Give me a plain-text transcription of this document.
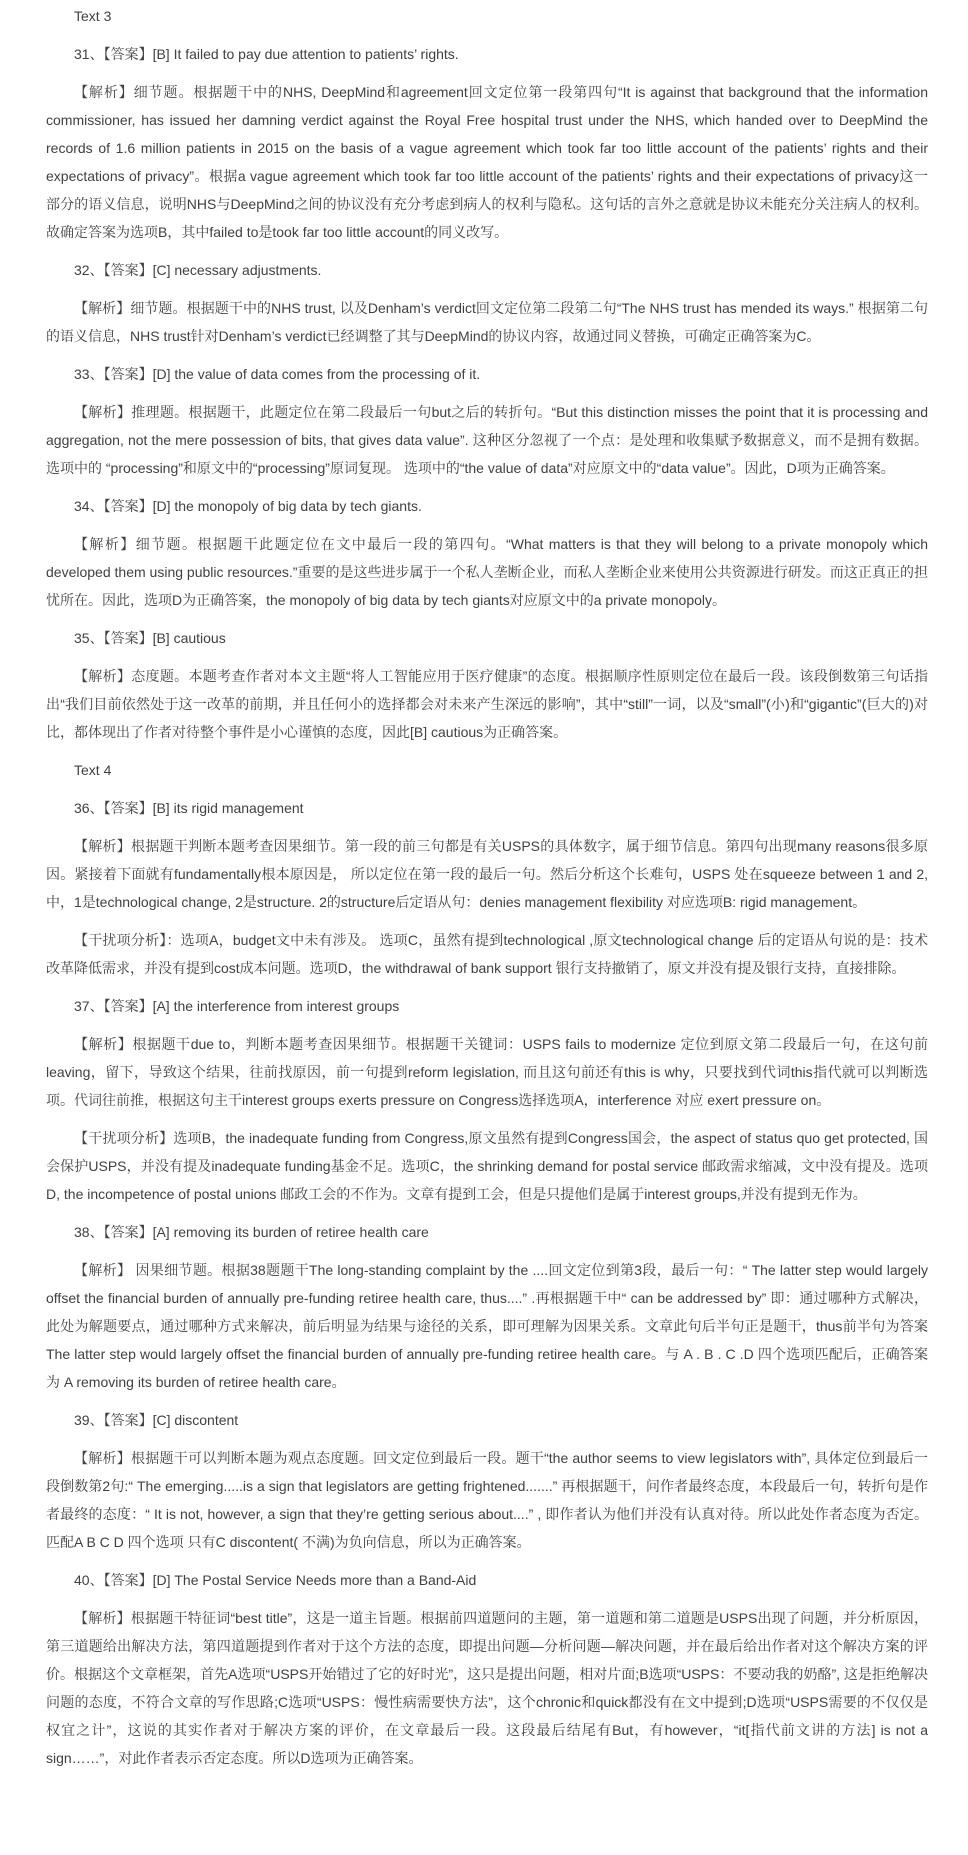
Text 3
31、【答案】[B] It failed to pay due attention to patients’ rights.
【解析】细节题。根据题干中的NHS, DeepMind和agreement回文定位第一段第四句“It is against that background that the information commissioner, has issued her damning verdict against the Royal Free hospital trust under the NHS, which handed over to DeepMind the records of 1.6 million patients in 2015 on the basis of a vague agreement which took far too little account of the patients’ rights and their expectations of privacy”。根据a vague agreement which took far too little account of the patients’ rights and their expectations of privacy这一部分的语义信息，说明NHS与DeepMind之间的协议没有充分考虑到病人的权利与隐私。这句话的言外之意就是协议未能充分关注病人的权利。故确定答案为选项B，其中failed to是took far too little account的同义改写。
32、【答案】[C] necessary adjustments.
【解析】细节题。根据题干中的NHS trust, 以及Denham’s verdict回文定位第二段第二句“The NHS trust has mended its ways.” 根据第二句的语义信息，NHS trust针对Denham’s verdict已经调整了其与DeepMind的协议内容，故通过同义替换，可确定正确答案为C。
33、【答案】[D] the value of data comes from the processing of it.
【解析】推理题。根据题干，此题定位在第二段最后一句but之后的转折句。“But this distinction misses the point that it is processing and aggregation, not the mere possession of bits, that gives data value”. 这种区分忽视了一个点：是处理和收集赋予数据意义，而不是拥有数据。 选项中的 “processing”和原文中的“processing”原词复现。 选项中的“the value of data”对应原文中的“data value”。因此，D项为正确答案。
34、【答案】[D] the monopoly of big data by tech giants.
【解析】细节题。根据题干此题定位在文中最后一段的第四句。“What matters is that they will belong to a private monopoly which developed them using public resources.”重要的是这些进步属于一个私人垄断企业，而私人垄断企业来使用公共资源进行研发。而这正真正的担忧所在。因此，选项D为正确答案，the monopoly of big data by tech giants对应原文中的a private monopoly。
35、【答案】[B] cautious
【解析】态度题。本题考查作者对本文主题“将人工智能应用于医疗健康”的态度。根据顺序性原则定位在最后一段。该段倒数第三句话指出“我们目前依然处于这一改革的前期，并且任何小的选择都会对未来产生深远的影响”，其中“still”一词，以及“small”(小)和“gigantic”(巨大的)对比，都体现出了作者对待整个事件是小心谨慎的态度，因此[B] cautious为正确答案。
Text 4
36、【答案】[B] its rigid management
【解析】根据题干判断本题考查因果细节。第一段的前三句都是有关USPS的具体数字，属于细节信息。第四句出现many reasons很多原因。紧接着下面就有fundamentally根本原因是， 所以定位在第一段的最后一句。然后分析这个长难句，USPS 处在squeeze between 1 and 2, 中，1是technological change, 2是structure. 2的structure后定语从句：denies management flexibility 对应选项B: rigid management。
【干扰项分析】：选项A，budget文中未有涉及。 选项C，虽然有提到technological ,原文technological change 后的定语从句说的是：技术改革降低需求，并没有提到cost成本问题。选项D，the withdrawal of bank support 银行支持撤销了，原文并没有提及银行支持，直接排除。
37、【答案】[A] the interference from interest groups
【解析】根据题干due to，判断本题考查因果细节。根据题干关键词：USPS fails to modernize 定位到原文第二段最后一句，在这句前leaving，留下，导致这个结果，往前找原因，前一句提到reform legislation, 而且这句前还有this is why，只要找到代词this指代就可以判断选项。代词往前推，根据这句主干interest groups exerts pressure on Congress选择选项A，interference 对应 exert pressure on。
【干扰项分析】选项B，the inadequate funding from Congress,原文虽然有提到Congress国会，the aspect of status quo get protected, 国会保护USPS，并没有提及inadequate funding基金不足。选项C，the shrinking demand for postal service 邮政需求缩减，文中没有提及。选项D, the incompetence of postal unions 邮政工会的不作为。文章有提到工会，但是只提他们是属于interest groups,并没有提到无作为。
38、【答案】[A] removing its burden of retiree health care
【解析】 因果细节题。根据38题题干The long-standing complaint by the ....回文定位到第3段，最后一句：“ The latter step would largely offset the financial burden of annually pre-funding retiree health care, thus....” .再根据题干中“ can be addressed by” 即：通过哪种方式解决，此处为解题要点，通过哪种方式来解决，前后明显为结果与途径的关系，即可理解为因果关系。文章此句后半句正是题干，thus前半句为答案The latter step would largely offset the financial burden of annually pre-funding retiree health care。与 A . B . C .D 四个选项匹配后，正确答案为 A removing its burden of retiree health care。
39、【答案】[C] discontent
【解析】根据题干可以判断本题为观点态度题。回文定位到最后一段。题干“the author seems to view legislators with”, 具体定位到最后一段倒数第2句:“ The emerging.....is a sign that legislators are getting frightened.......” 再根据题干，问作者最终态度，本段最后一句，转折句是作者最终的态度：“ It is not, however, a sign that they’re getting serious about....” , 即作者认为他们并没有认真对待。所以此处作者态度为否定。匹配A B C D 四个选项 只有C discontent( 不满)为负向信息，所以为正确答案。
40、【答案】[D] The Postal Service Needs more than a Band-Aid
【解析】根据题干特征词“best title”，这是一道主旨题。根据前四道题问的主题，第一道题和第二道题是USPS出现了问题，并分析原因，第三道题给出解决方法，第四道题提到作者对于这个方法的态度，即提出问题—分析问题—解决问题，并在最后给出作者对这个解决方案的评价。根据这个文章框架，首先A选项“USPS开始错过了它的好时光”，这只是提出问题，相对片面;B选项“USPS：不要动我的奶酪”, 这是拒绝解决问题的态度，不符合文章的写作思路;C选项“USPS：慢性病需要快方法”，这个chronic和quick都没有在文中提到;D选项“USPS需要的不仅仅是权宜之计”，这说的其实作者对于解决方案的评价，在文章最后一段。这段最后结尾有But，有however，“it[指代前文讲的方法] is not a sign……”，对此作者表示否定态度。所以D选项为正确答案。
